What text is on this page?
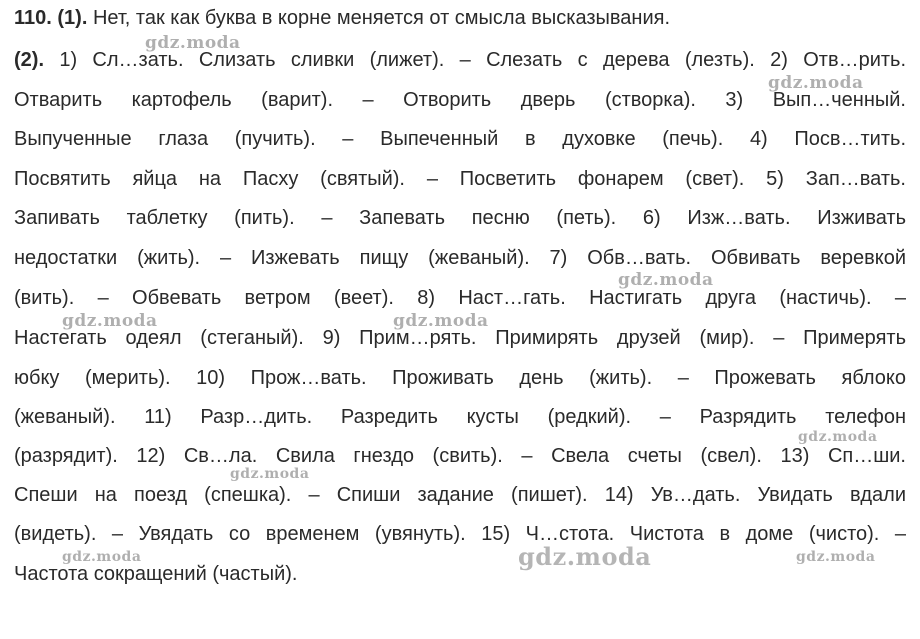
110. (1). Нет, так как буква в корне меняется от смысла высказывания.
(2). 1) Сл…зать. Слизать сливки (лижет). – Слезать с дерева (лезть). 2) Отв…рить.
Отварить картофель (варит). – Отворить дверь (створка). 3) Вып…ченный.
Выпученные глаза (пучить). – Выпеченный в духовке (печь). 4) Посв…тить.
Посвятить яйца на Пасху (святый). – Посветить фонарем (свет). 5) Зап…вать.
Запивать таблетку (пить). – Запевать песню (петь). 6) Изж…вать. Изживать
недостатки (жить). – Изжевать пищу (жеваный). 7) Обв…вать. Обвивать веревкой
(вить). – Обвевать ветром (веет). 8) Наст…гать. Настигать друга (настичь). –
Настегать одеял (стеганый). 9) Прим…рять. Примирять друзей (мир). – Примерять
юбку (мерить). 10) Прож…вать. Проживать день (жить). – Прожевать яблоко
(жеваный). 11) Разр…дить. Разредить кусты (редкий). – Разрядить телефон
(разрядит). 12) Св…ла. Свила гнездо (свить). – Свела счеты (свел). 13) Сп…ши.
Спеши на поезд (спешка). – Спиши задание (пишет). 14) Ув…дать. Увидать вдали
(видеть). – Увядать со временем (увянуть). 15) Ч…стота. Чистота в доме (чисто). –
Частота сокращений (частый).
gdz.moda
gdz.moda
gdz.moda
gdz.moda	gdz.moda
gdz.moda
gdz.moda
gdz.moda	gdz.moda	gdz.moda
